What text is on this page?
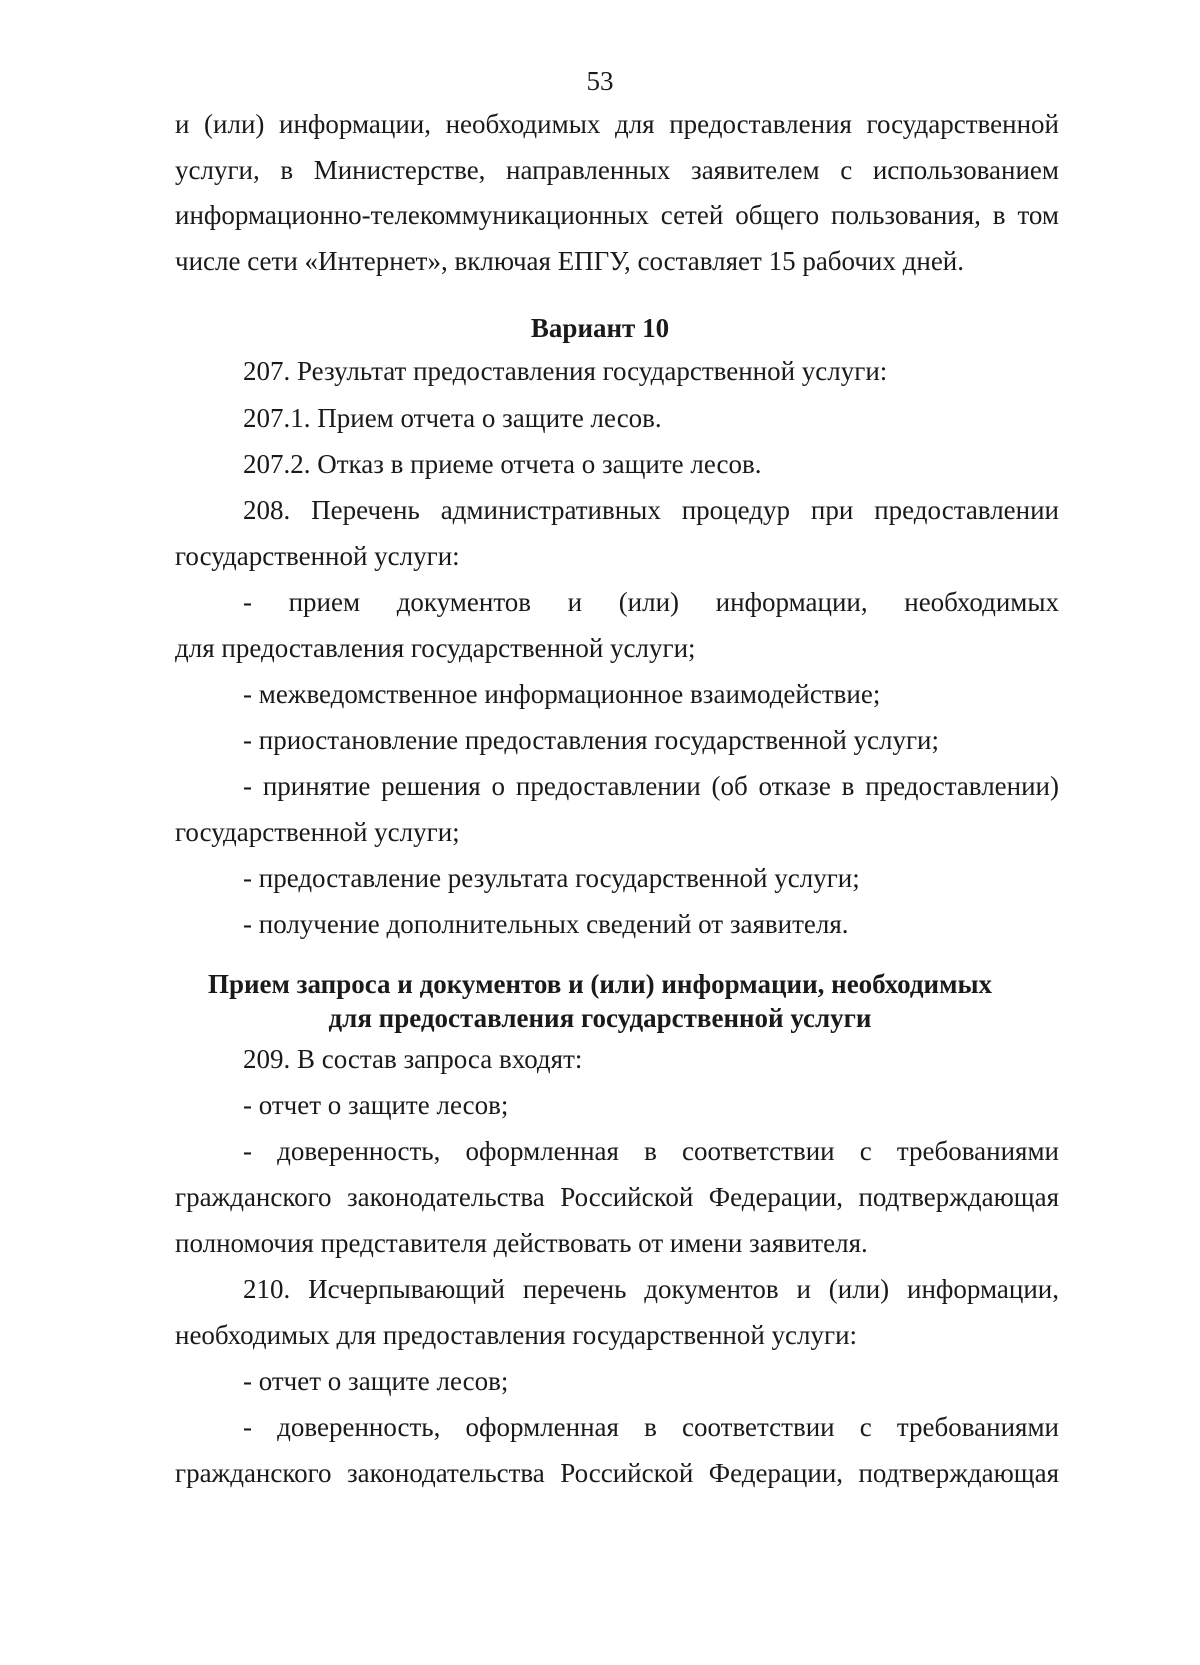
53
и (или) информации, необходимых для предоставления государственной
услуги, в Министерстве, направленных заявителем с использованием
информационно-телекоммуникационных сетей общего пользования, в том
числе сети «Интернет», включая ЕПГУ, составляет 15 рабочих дней.
Вариант 10
207. Результат предоставления государственной услуги:
207.1. Прием отчета о защите лесов.
207.2. Отказ в приеме отчета о защите лесов.
208. Перечень административных процедур при предоставлении
государственной услуги:
- прием документов и (или) информации, необходимых
для предоставления государственной услуги;
- межведомственное информационное взаимодействие;
- приостановление предоставления государственной услуги;
- принятие решения о предоставлении (об отказе в предоставлении)
государственной услуги;
- предоставление результата государственной услуги;
- получение дополнительных сведений от заявителя.
Прием запроса и документов и (или) информации, необходимых
для предоставления государственной услуги
209. В состав запроса входят:
- отчет о защите лесов;
- доверенность, оформленная в соответствии с требованиями
гражданского законодательства Российской Федерации, подтверждающая
полномочия представителя действовать от имени заявителя.
210. Исчерпывающий перечень документов и (или) информации,
необходимых для предоставления государственной услуги:
- отчет о защите лесов;
- доверенность, оформленная в соответствии с требованиями
гражданского законодательства Российской Федерации, подтверждающая
